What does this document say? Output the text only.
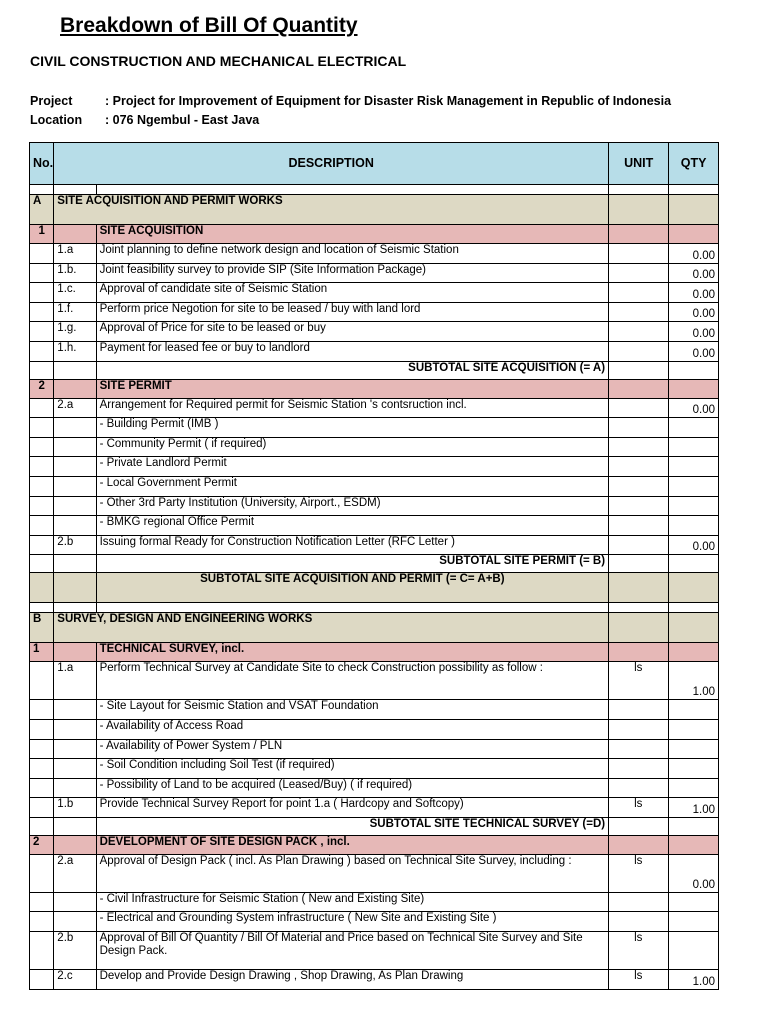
Breakdown of Bill Of Quantity
CIVIL CONSTRUCTION AND MECHANICAL ELECTRICAL
Project	: Project for Improvement of Equipment for Disaster Risk Management in Republic of Indonesia
Location : 076 Ngembul - East Java
No.	DESCRIPTION		UNIT	QTY

A	SITE ACQUISITION AND PERMIT WORKS			
1		SITE ACQUISITION		
	1.a	Joint planning to define network design and location of Seismic Station		0.00
	1.b.	Joint feasibility survey to provide SIP (Site Information Package)		0.00
	1.c.	Approval of candidate site of Seismic Station		0.00
	1.f.	Perform price Negotion for site to be leased / buy with land lord		0.00
	1.g.	Approval of Price for site to be leased or buy		0.00
	1.h.	Payment for leased fee or buy to landlord		0.00
		SUBTOTAL SITE ACQUISITION (= A)		
2		SITE PERMIT		
	2.a	Arrangement for Required permit for Seismic Station 's contsruction incl.		0.00
		- Building Permit (IMB )		
		- Community Permit ( if required)		
		- Private Landlord Permit		
		- Local Government Permit		
		- Other 3rd Party Institution (University, Airport., ESDM)		
		- BMKG regional Office Permit		
	2.b	Issuing formal Ready for Construction Notification Letter (RFC Letter )		0.00
		SUBTOTAL SITE PERMIT (= B)		
		SUBTOTAL SITE ACQUISITION AND PERMIT (= C= A+B)		

B	SURVEY, DESIGN AND ENGINEERING WORKS			
1		TECHNICAL SURVEY, incl.		
	1.a	Perform Technical Survey at Candidate Site to check Construction possibility as follow :	ls	1.00
		- Site Layout for Seismic Station and VSAT Foundation		
		- Availability of Access Road		
		- Availability of Power System / PLN		
		- Soil Condition including Soil Test (if required)		
		- Possibility of Land to be acquired (Leased/Buy) ( if required)		
	1.b	Provide Technical Survey Report for point 1.a ( Hardcopy and Softcopy)	ls	1.00
		SUBTOTAL SITE TECHNICAL SURVEY (=D)		
2		DEVELOPMENT OF SITE DESIGN PACK , incl.		
	2.a	Approval of Design Pack ( incl. As Plan Drawing ) based on Technical Site Survey, including :	ls	0.00
		- Civil Infrastructure for Seismic Station ( New and Existing Site)		
		- Electrical and Grounding System infrastructure ( New Site and Existing Site )		
	2.b	Approval of Bill Of Quantity / Bill Of Material and Price based on Technical Site Survey and Site Design Pack.	ls	
	2.c	Develop and Provide Design Drawing , Shop Drawing, As Plan Drawing	ls	1.00
